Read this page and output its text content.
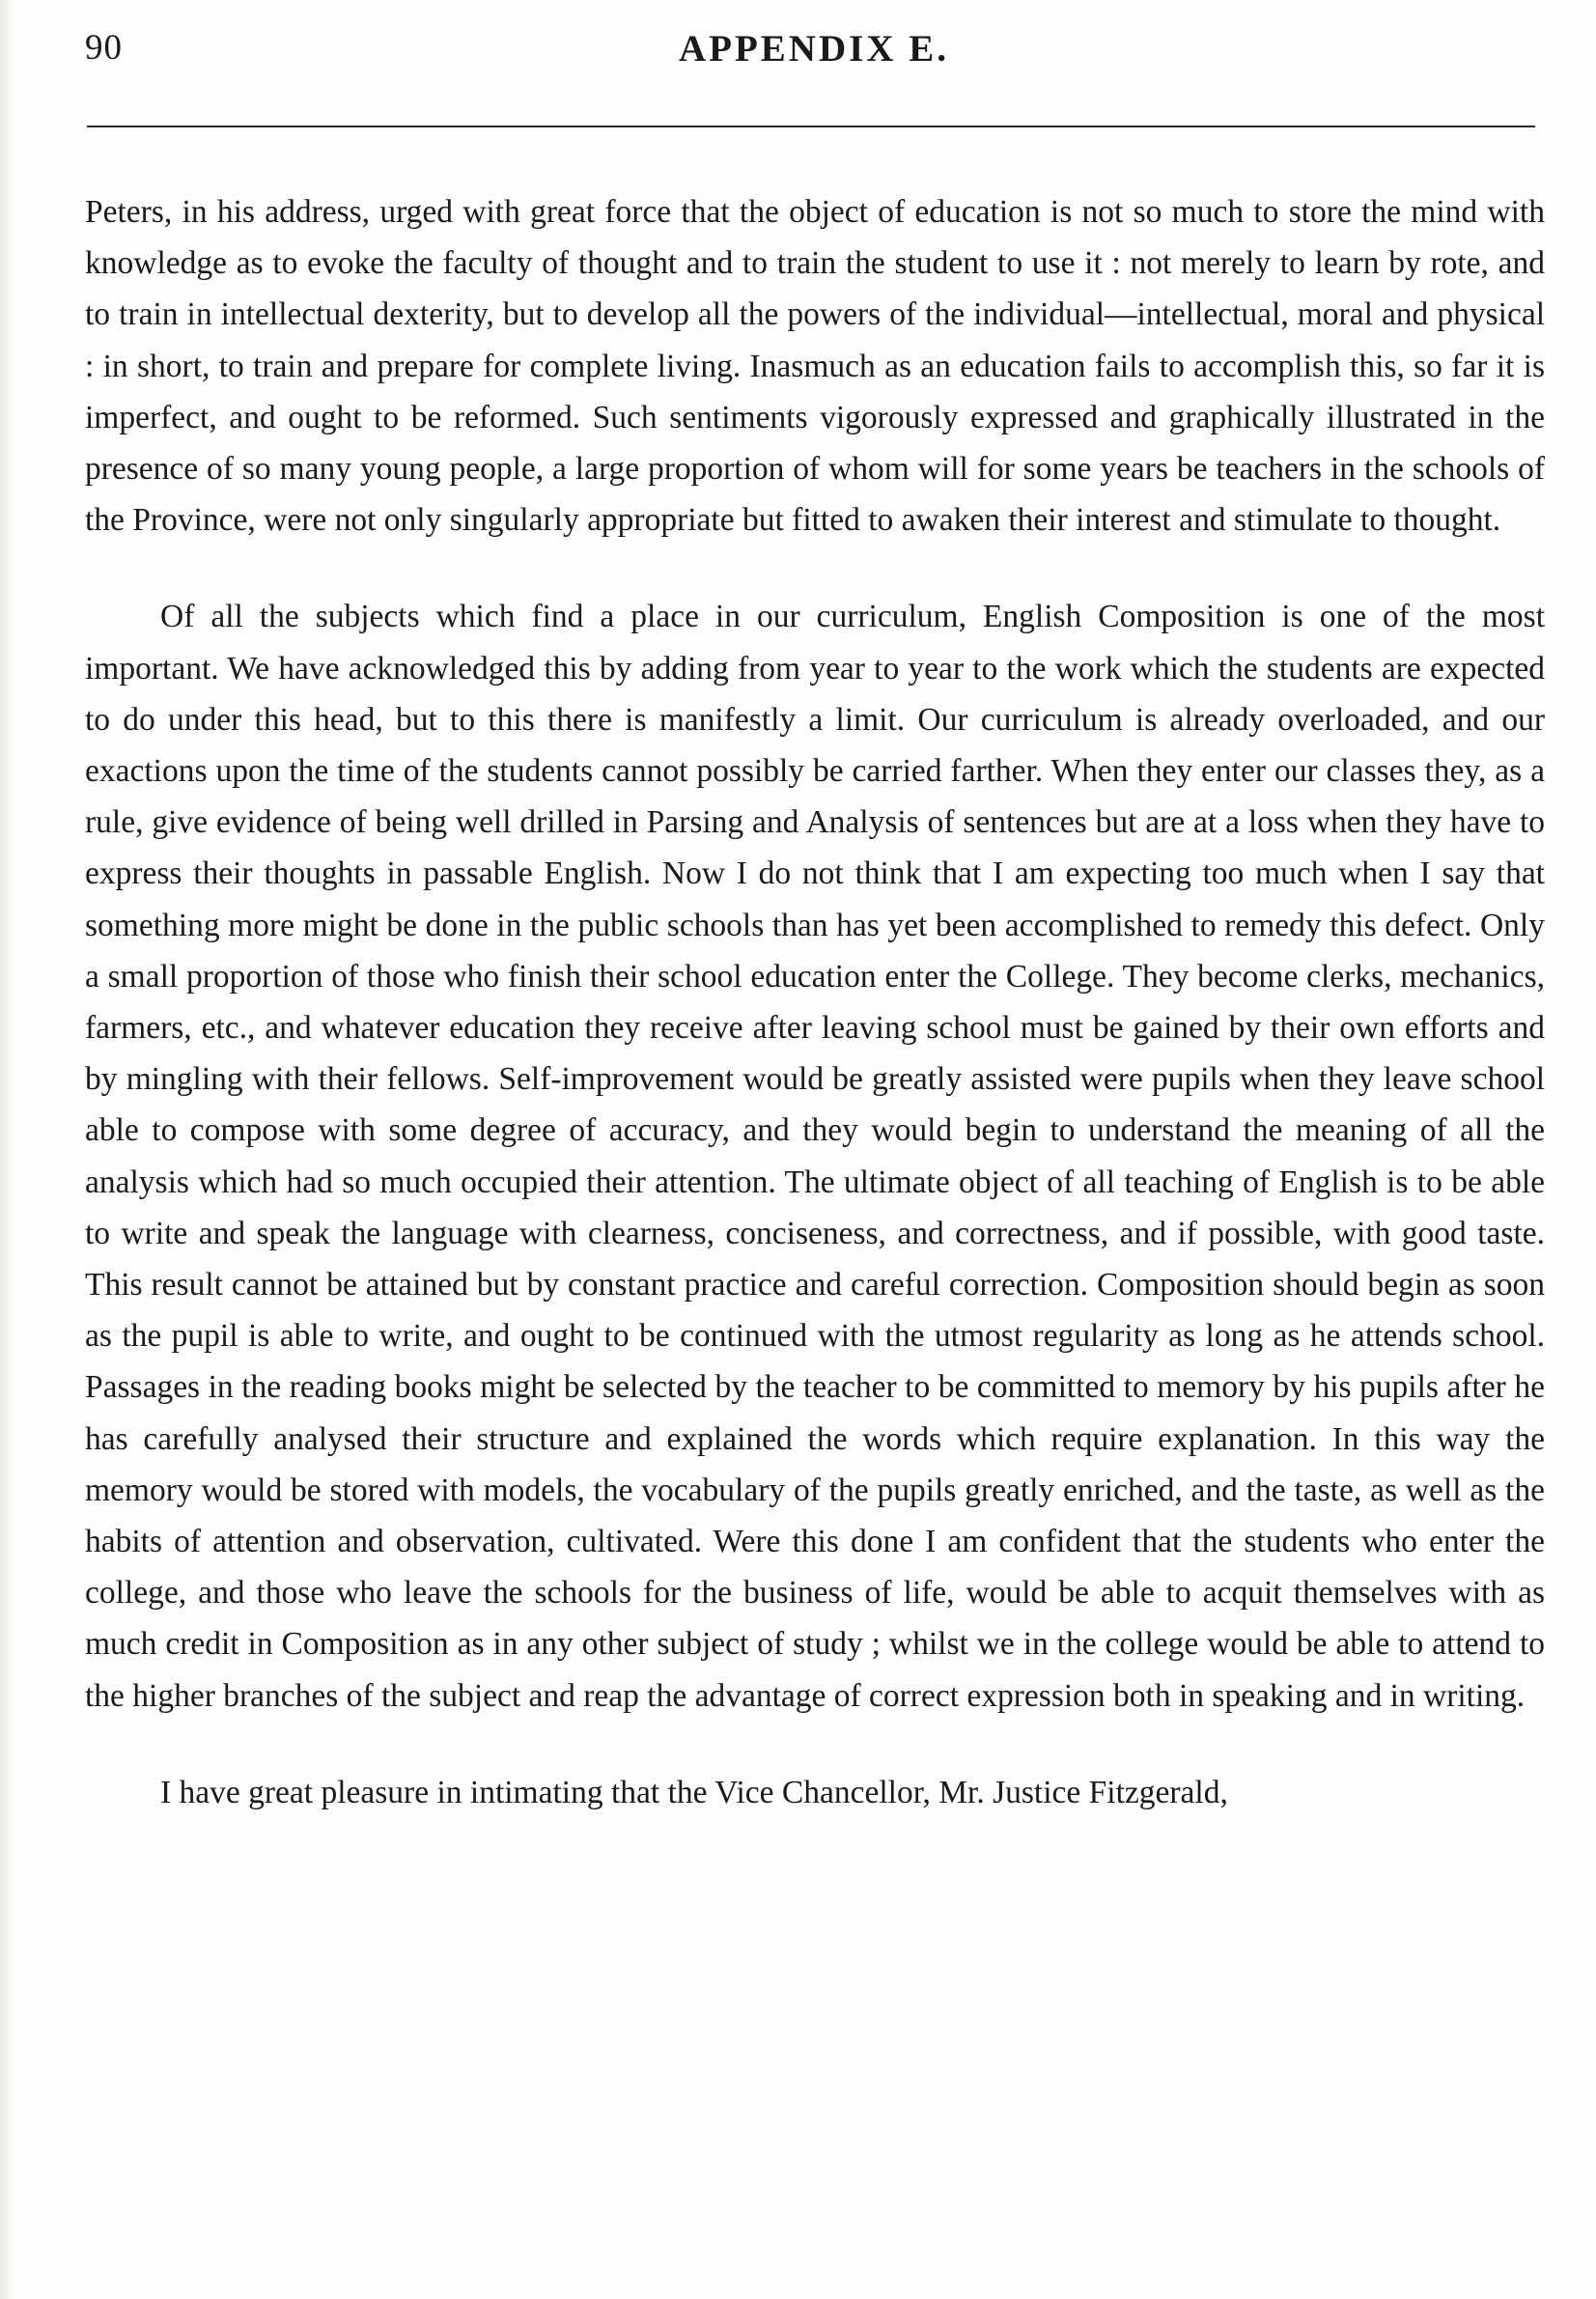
90	APPENDIX E.

Peters, in his address, urged with great force that the object of education is not so much to store the mind with knowledge as to evoke the faculty of thought and to train the student to use it : not merely to learn by rote, and to train in intellectual dexterity, but to develop all the powers of the individual—intellectual, moral and physical : in short, to train and prepare for complete living. Inasmuch as an education fails to accomplish this, so far it is imperfect, and ought to be reformed. Such sentiments vigorously expressed and graphically illustrated in the presence of so many young people, a large proportion of whom will for some years be teachers in the schools of the Province, were not only singularly appropriate but fitted to awaken their interest and stimulate to thought.

Of all the subjects which find a place in our curriculum, English Composition is one of the most important. We have acknowledged this by adding from year to year to the work which the students are expected to do under this head, but to this there is manifestly a limit. Our curriculum is already overloaded, and our exactions upon the time of the students cannot possibly be carried farther. When they enter our classes they, as a rule, give evidence of being well drilled in Parsing and Analysis of sentences but are at a loss when they have to express their thoughts in passable English. Now I do not think that I am expecting too much when I say that something more might be done in the public schools than has yet been accomplished to remedy this defect. Only a small proportion of those who finish their school education enter the College. They become clerks, mechanics, farmers, etc., and whatever education they receive after leaving school must be gained by their own efforts and by mingling with their fellows. Self-improvement would be greatly assisted were pupils when they leave school able to compose with some degree of accuracy, and they would begin to understand the meaning of all the analysis which had so much occupied their attention. The ultimate object of all teaching of English is to be able to write and speak the language with clearness, conciseness, and correctness, and if possible, with good taste. This result cannot be attained but by constant practice and careful correction. Composition should begin as soon as the pupil is able to write, and ought to be continued with the utmost regularity as long as he attends school. Passages in the reading books might be selected by the teacher to be committed to memory by his pupils after he has carefully analysed their structure and explained the words which require explanation. In this way the memory would be stored with models, the vocabulary of the pupils greatly enriched, and the taste, as well as the habits of attention and observation, cultivated. Were this done I am confident that the students who enter the college, and those who leave the schools for the business of life, would be able to acquit themselves with as much credit in Composition as in any other subject of study ; whilst we in the college would be able to attend to the higher branches of the subject and reap the advantage of correct expression both in speaking and in writing.

I have great pleasure in intimating that the Vice Chancellor, Mr. Justice Fitzgerald,
